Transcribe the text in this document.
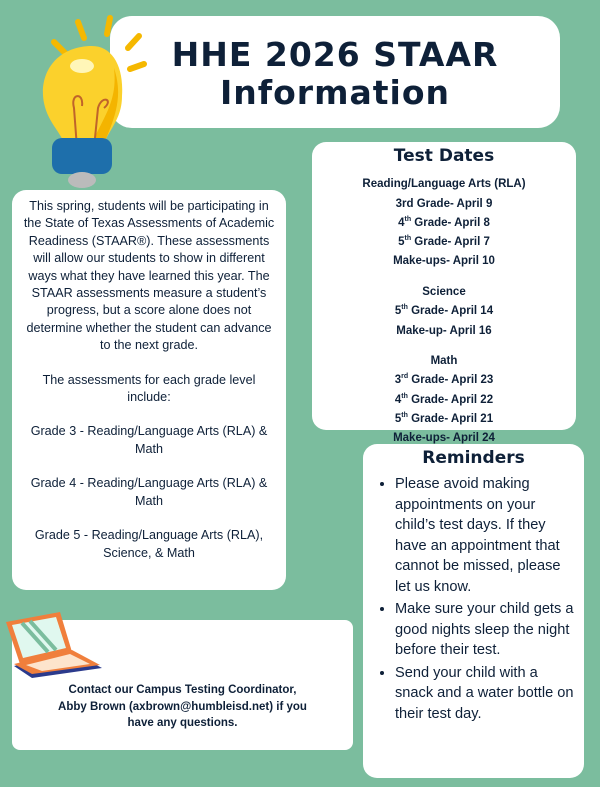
HHE 2026 STAAR
Information
Test Dates
Reading/Language Arts (RLA)
3rd Grade- April 9
4th Grade- April 8
5th Grade- April 7
Make-ups- April 10
Science
5th Grade- April 14
Make-up- April 16
Math
3rd Grade- April 23
4th Grade- April 22
5th Grade- April 21
Make-ups- April 24

This spring, students will be participating in the State of Texas Assessments of Academic Readiness (STAAR®). These assessments will allow our students to show in different ways what they have learned this year. The STAAR assessments measure a student’s progress, but a score alone does not determine whether the student can advance to the next grade.

The assessments for each grade level include:

Grade 3 - Reading/Language Arts (RLA) & Math

Grade 4 - Reading/Language Arts (RLA) & Math

Grade 5 - Reading/Language Arts (RLA), Science, & Math

Reminders
• Please avoid making appointments on your child’s test days. If they have an appointment that cannot be missed, please let us know.
• Make sure your child gets a good nights sleep the night before their test.
• Send your child with a snack and a water bottle on their test day.
Contact our Campus Testing Coordinator,
Abby Brown (axbrown@humbleisd.net) if you
have any questions.
